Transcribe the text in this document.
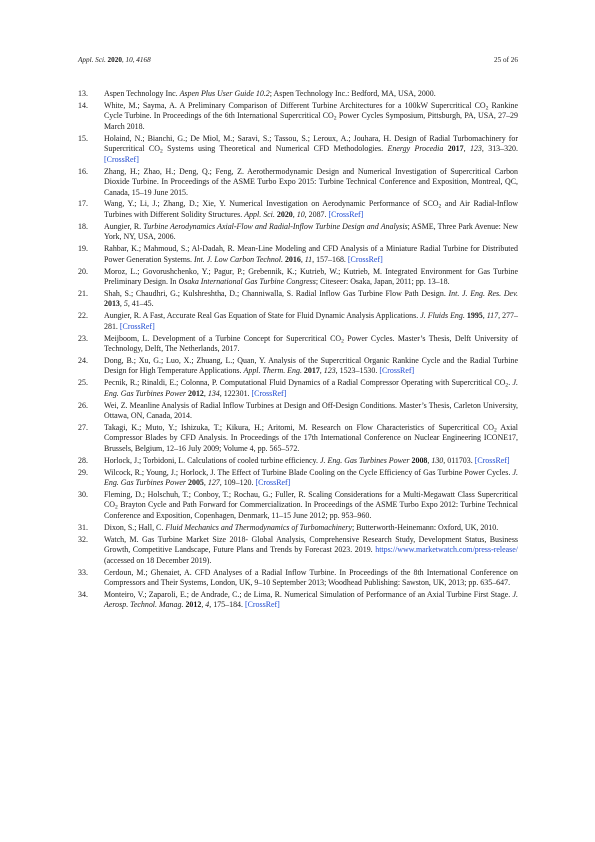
Appl. Sci. 2020, 10, 4168	25 of 26
13.	Aspen Technology Inc. Aspen Plus User Guide 10.2; Aspen Technology Inc.: Bedford, MA, USA, 2000.
14.	White, M.; Sayma, A. A Preliminary Comparison of Different Turbine Architectures for a 100kW Supercritical $CO_2$ Rankine Cycle Turbine. In Proceedings of the 6th International Supercritical $CO_2$ Power Cycles Symposium, Pittsburgh, PA, USA, 27–29 March 2018.
15.	Holaind, N.; Bianchi, G.; De Miol, M.; Saravi, S.; Tassou, S.; Leroux, A.; Jouhara, H. Design of Radial Turbomachinery for Supercritical $CO_2$ Systems using Theoretical and Numerical CFD Methodologies. Energy Procedia 2017, 123, 313–320. [CrossRef]
16.	Zhang, H.; Zhao, H.; Deng, Q.; Feng, Z. Aerothermodynamic Design and Numerical Investigation of Supercritical Carbon Dioxide Turbine. In Proceedings of the ASME Turbo Expo 2015: Turbine Technical Conference and Exposition, Montreal, QC, Canada, 15–19 June 2015.
17.	Wang, Y.; Li, J.; Zhang, D.; Xie, Y. Numerical Investigation on Aerodynamic Performance of $SCO_2$ and Air Radial-Inflow Turbines with Different Solidity Structures. Appl. Sci. 2020, 10, 2087. [CrossRef]
18.	Aungier, R. Turbine Aerodynamics Axial-Flow and Radial-Inflow Turbine Design and Analysis; ASME, Three Park Avenue: New York, NY, USA, 2006.
19.	Rahbar, K.; Mahmoud, S.; Al-Dadah, R. Mean-Line Modeling and CFD Analysis of a Miniature Radial Turbine for Distributed Power Generation Systems. Int. J. Low Carbon Technol. 2016, 11, 157–168. [CrossRef]
20.	Moroz, L.; Govorushchenko, Y.; Pagur, P.; Grebennik, K.; Kutrieb, W.; Kutrieb, M. Integrated Environment for Gas Turbine Preliminary Design. In Osaka International Gas Turbine Congress; Citeseer: Osaka, Japan, 2011; pp. 13–18.
21.	Shah, S.; Chaudhri, G.; Kulshreshtha, D.; Channiwalla, S. Radial Inflow Gas Turbine Flow Path Design. Int. J. Eng. Res. Dev. 2013, 5, 41–45.
22.	Aungier, R. A Fast, Accurate Real Gas Equation of State for Fluid Dynamic Analysis Applications. J. Fluids Eng. 1995, 117, 277–281. [CrossRef]
23.	Meijboom, L. Development of a Turbine Concept for Supercritical $CO_2$ Power Cycles. Master’s Thesis, Delft University of Technology, Delft, The Netherlands, 2017.
24.	Dong, B.; Xu, G.; Luo, X.; Zhuang, L.; Quan, Y. Analysis of the Supercritical Organic Rankine Cycle and the Radial Turbine Design for High Temperature Applications. Appl. Therm. Eng. 2017, 123, 1523–1530. [CrossRef]
25.	Pecnik, R.; Rinaldi, E.; Colonna, P. Computational Fluid Dynamics of a Radial Compressor Operating with Supercritical $CO_2$. J. Eng. Gas Turbines Power 2012, 134, 122301. [CrossRef]
26.	Wei, Z. Meanline Analysis of Radial Inflow Turbines at Design and Off-Design Conditions. Master’s Thesis, Carleton University, Ottawa, ON, Canada, 2014.
27.	Takagi, K.; Muto, Y.; Ishizuka, T.; Kikura, H.; Aritomi, M. Research on Flow Characteristics of Supercritical $CO_2$ Axial Compressor Blades by CFD Analysis. In Proceedings of the 17th International Conference on Nuclear Engineering ICONE17, Brussels, Belgium, 12–16 July 2009; Volume 4, pp. 565–572.
28.	Horlock, J.; Torbidoni, L. Calculations of cooled turbine efficiency. J. Eng. Gas Turbines Power 2008, 130, 011703. [CrossRef]
29.	Wilcock, R.; Young, J.; Horlock, J. The Effect of Turbine Blade Cooling on the Cycle Efficiency of Gas Turbine Power Cycles. J. Eng. Gas Turbines Power 2005, 127, 109–120. [CrossRef]
30.	Fleming, D.; Holschuh, T.; Conboy, T.; Rochau, G.; Fuller, R. Scaling Considerations for a Multi-Megawatt Class Supercritical $CO_2$ Brayton Cycle and Path Forward for Commercialization. In Proceedings of the ASME Turbo Expo 2012: Turbine Technical Conference and Exposition, Copenhagen, Denmark, 11–15 June 2012; pp. 953–960.
31.	Dixon, S.; Hall, C. Fluid Mechanics and Thermodynamics of Turbomachinery; Butterworth-Heinemann: Oxford, UK, 2010.
32.	Watch, M. Gas Turbine Market Size 2018- Global Analysis, Comprehensive Research Study, Development Status, Business Growth, Competitive Landscape, Future Plans and Trends by Forecast 2023. 2019. https://www.marketwatch.com/press-release/ (accessed on 18 December 2019).
33.	Cerdoun, M.; Ghenaiet, A. CFD Analyses of a Radial Inflow Turbine. In Proceedings of the 8th International Conference on Compressors and Their Systems, London, UK, 9–10 September 2013; Woodhead Publishing: Sawston, UK, 2013; pp. 635–647.
34.	Monteiro, V.; Zaparoli, E.; de Andrade, C.; de Lima, R. Numerical Simulation of Performance of an Axial Turbine First Stage. J. Aerosp. Technol. Manag. 2012, 4, 175–184. [CrossRef]
